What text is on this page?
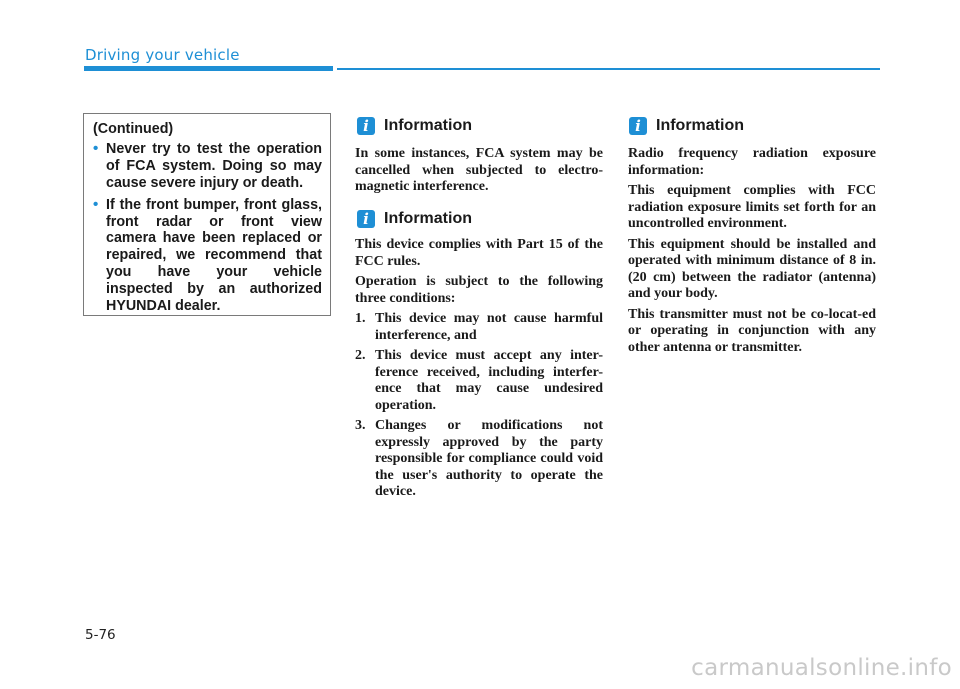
Driving your vehicle
(Continued)
• Never try to test the operation of FCA system. Doing so may cause severe injury or death.
• If the front bumper, front glass, front radar or front view camera have been replaced or repaired, we recommend that you have your vehicle inspected by an authorized HYUNDAI dealer.
i Information

In some instances, FCA system may be cancelled when subjected to electro-magnetic interference.

i Information

This device complies with Part 15 of the FCC rules.

Operation is subject to the following three conditions:

1. This device may not cause harmful interference, and
2. This device must accept any inter-ference received, including interfer-ence that may cause undesired operation.
3. Changes or modifications not expressly approved by the party responsible for compliance could void the user's authority to operate the device.
i Information

Radio frequency radiation exposure information:

This equipment complies with FCC radiation exposure limits set forth for an uncontrolled environment.

This equipment should be installed and operated with minimum distance of 8 in. (20 cm) between the radiator (antenna) and your body.

This transmitter must not be co-locat-ed or operating in conjunction with any other antenna or transmitter.

5-76
carmanualsonline.info
